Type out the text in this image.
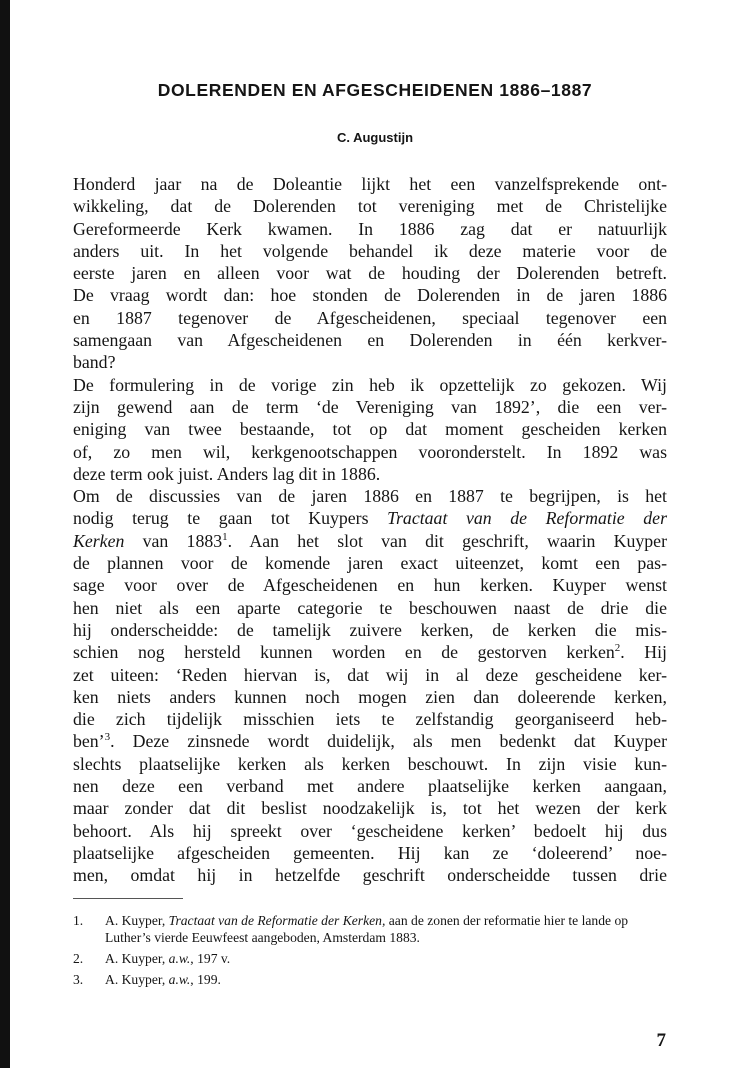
DOLERENDEN EN AFGESCHEIDENEN 1886–1887

C. Augustijn

Honderd jaar na de Doleantie lijkt het een vanzelfsprekende ont-
wikkeling, dat de Dolerenden tot vereniging met de Christelijke
Gereformeerde Kerk kwamen. In 1886 zag dat er natuurlijk
anders uit. In het volgende behandel ik deze materie voor de
eerste jaren en alleen voor wat de houding der Dolerenden betreft.
De vraag wordt dan: hoe stonden de Dolerenden in de jaren 1886
en 1887 tegenover de Afgescheidenen, speciaal tegenover een
samengaan van Afgescheidenen en Dolerenden in één kerkver-
band?

De formulering in de vorige zin heb ik opzettelijk zo gekozen. Wij
zijn gewend aan de term ‘de Vereniging van 1892’, die een ver-
eniging van twee bestaande, tot op dat moment gescheiden kerken
of, zo men wil, kerkgenootschappen vooronderstelt. In 1892 was
deze term ook juist. Anders lag dit in 1886.

Om de discussies van de jaren 1886 en 1887 te begrijpen, is het
nodig terug te gaan tot Kuypers Tractaat van de Reformatie der
Kerken van 1883$^1$. Aan het slot van dit geschrift, waarin Kuyper
de plannen voor de komende jaren exact uiteenzet, komt een pas-
sage voor over de Afgescheidenen en hun kerken. Kuyper wenst
hen niet als een aparte categorie te beschouwen naast de drie die
hij onderscheidde: de tamelijk zuivere kerken, de kerken die mis-
schien nog hersteld kunnen worden en de gestorven kerken$^2$. Hij
zet uiteen: ‘Reden hiervan is, dat wij in al deze gescheidene ker-
ken niets anders kunnen noch mogen zien dan doleerende kerken,
die zich tijdelijk misschien iets te zelfstandig georganiseerd heb-
ben’$^3$. Deze zinsnede wordt duidelijk, als men bedenkt dat Kuyper
slechts plaatselijke kerken als kerken beschouwt. In zijn visie kun-
nen deze een verband met andere plaatselijke kerken aangaan,
maar zonder dat dit beslist noodzakelijk is, tot het wezen der kerk
behoort. Als hij spreekt over ‘gescheidene kerken’ bedoelt hij dus
plaatselijke afgescheiden gemeenten. Hij kan ze ‘doleerend’ noe-
men, omdat hij in hetzelfde geschrift onderscheidde tussen drie

1.	A. Kuyper, Tractaat van de Reformatie der Kerken, aan de zonen der reformatie hier te lande op Luther’s vierde Eeuwfeest aangeboden, Amsterdam 1883.
2.	A. Kuyper, a.w., 197 v.
3.	A. Kuyper, a.w., 199.

7
